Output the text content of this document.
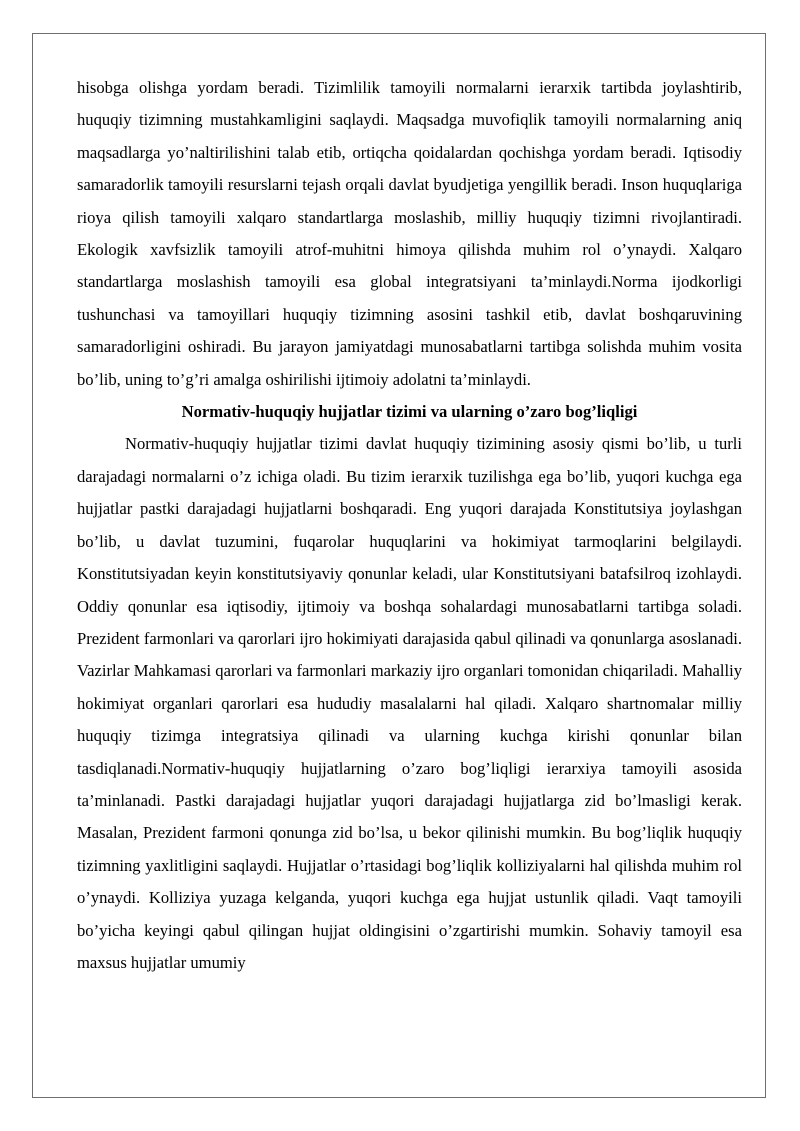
hisobga olishga yordam beradi. Tizimlilik tamoyili normalarni ierarxik tartibda joylashtirib, huquqiy tizimning mustahkamligini saqlaydi. Maqsadga muvofiqlik tamoyili normalarning aniq maqsadlarga yo’naltirilishini talab etib, ortiqcha qoidalardan qochishga yordam beradi. Iqtisodiy samaradorlik tamoyili resurslarni tejash orqali davlat byudjetiga yengillik beradi. Inson huquqlariga rioya qilish tamoyili xalqaro standartlarga moslashib, milliy huquqiy tizimni rivojlantiradi. Ekologik xavfsizlik tamoyili atrof-muhitni himoya qilishda muhim rol o’ynaydi. Xalqaro standartlarga moslashish tamoyili esa global integratsiyani ta’minlaydi.Norma ijodkorligi tushunchasi va tamoyillari huquqiy tizimning asosini tashkil etib, davlat boshqaruvining samaradorligini oshiradi. Bu jarayon jamiyatdagi munosabatlarni tartibga solishda muhim vosita bo’lib, uning to’g’ri amalga oshirilishi ijtimoiy adolatni ta’minlaydi.

Normativ-huquqiy hujjatlar tizimi va ularning o’zaro bog’liqligi

Normativ-huquqiy hujjatlar tizimi davlat huquqiy tizimining asosiy qismi bo’lib, u turli darajadagi normalarni o’z ichiga oladi. Bu tizim ierarxik tuzilishga ega bo’lib, yuqori kuchga ega hujjatlar pastki darajadagi hujjatlarni boshqaradi. Eng yuqori darajada Konstitutsiya joylashgan bo’lib, u davlat tuzumini, fuqarolar huquqlarini va hokimiyat tarmoqlarini belgilaydi. Konstitutsiyadan keyin konstitutsiyaviy qonunlar keladi, ular Konstitutsiyani batafsilroq izohlaydi. Oddiy qonunlar esa iqtisodiy, ijtimoiy va boshqa sohalardagi munosabatlarni tartibga soladi. Prezident farmonlari va qarorlari ijro hokimiyati darajasida qabul qilinadi va qonunlarga asoslanadi. Vazirlar Mahkamasi qarorlari va farmonlari markaziy ijro organlari tomonidan chiqariladi. Mahalliy hokimiyat organlari qarorlari esa hududiy masalalarni hal qiladi. Xalqaro shartnomalar milliy huquqiy tizimga integratsiya qilinadi va ularning kuchga kirishi qonunlar bilan tasdiqlanadi.Normativ-huquqiy hujjatlarning o’zaro bog’liqligi ierarxiya tamoyili asosida ta’minlanadi. Pastki darajadagi hujjatlar yuqori darajadagi hujjatlarga zid bo’lmasligi kerak. Masalan, Prezident farmoni qonunga zid bo’lsa, u bekor qilinishi mumkin. Bu bog’liqlik huquqiy tizimning yaxlitligini saqlaydi. Hujjatlar o’rtasidagi bog’liqlik kolliziyalarni hal qilishda muhim rol o’ynaydi. Kolliziya yuzaga kelganda, yuqori kuchga ega hujjat ustunlik qiladi. Vaqt tamoyili bo’yicha keyingi qabul qilingan hujjat oldingisini o’zgartirishi mumkin. Sohaviy tamoyil esa maxsus hujjatlar umumiy
